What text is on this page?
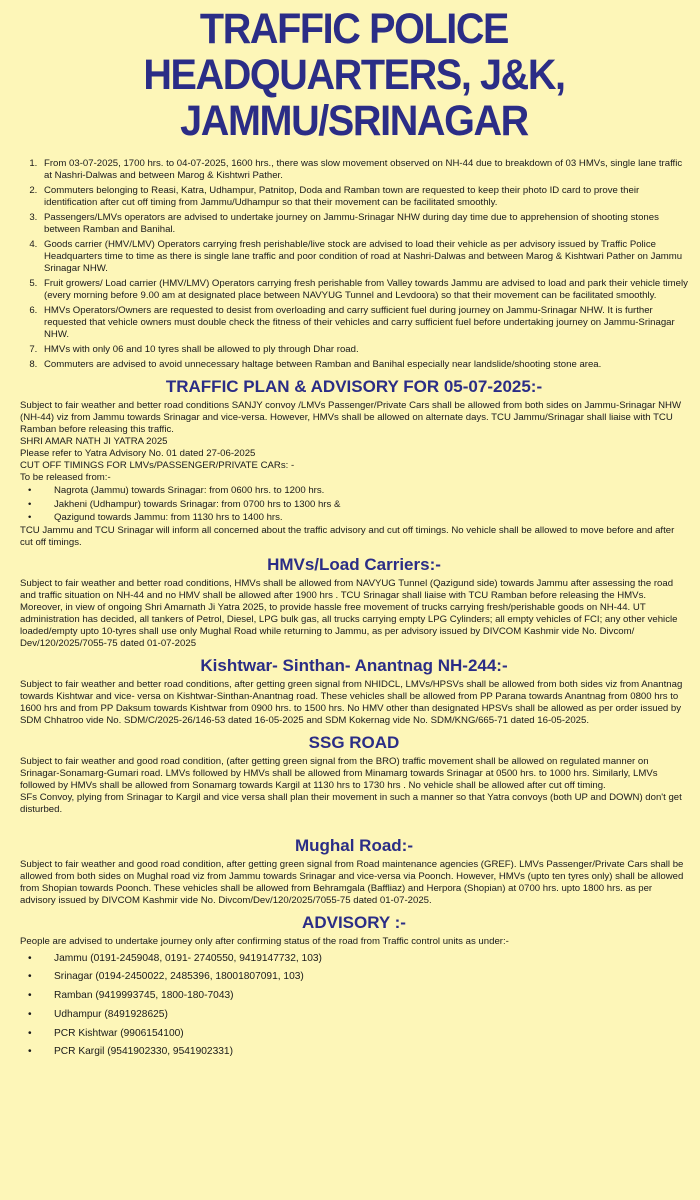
TRAFFIC POLICE HEADQUARTERS, J&K,
JAMMU/SRINAGAR
1. From 03-07-2025, 1700 hrs. to 04-07-2025, 1600 hrs., there was slow movement observed on NH-44 due to breakdown of 03 HMVs, single lane traffic at Nashri-Dalwas and between Marog & Kishtwri Pather.
2. Commuters belonging to Reasi, Katra, Udhampur, Patnitop, Doda and Ramban town are requested to keep their photo ID card to prove their identification after cut off timing from Jammu/Udhampur so that their movement can be facilitated smoothly.
3. Passengers/LMVs operators are advised to undertake journey on Jammu-Srinagar NHW during day time due to apprehension of shooting stones between Ramban and Banihal.
4. Goods carrier (HMV/LMV) Operators carrying fresh perishable/live stock are advised to load their vehicle as per advisory issued by Traffic Police Headquarters time to time as there is single lane traffic and poor condition of road at Nashri-Dalwas and between Marog & Kishtwari Pather on Jammu Srinagar NHW.
5. Fruit growers/ Load carrier (HMV/LMV) Operators carrying fresh perishable from Valley towards Jammu are advised to load and park their vehicle timely (every morning before 9.00 am at designated place between NAVYUG Tunnel and Levdoora) so that their movement can be facilitated smoothly.
6. HMVs Operators/Owners are requested to desist from overloading and carry sufficient fuel during journey on Jammu-Srinagar NHW. It is further requested that vehicle owners must double check the fitness of their vehicles and carry sufficient fuel before undertaking journey on Jammu-Srinagar NHW.
7. HMVs with only 06 and 10 tyres shall be allowed to ply through Dhar road.
8. Commuters are advised to avoid unnecessary haltage between Ramban and Banihal especially near landslide/shooting stone area.
TRAFFIC PLAN & ADVISORY FOR 05-07-2025:-

Subject to fair weather and better road conditions SANJY convoy /LMVs Passenger/Private Cars shall be allowed from both sides on Jammu-Srinagar NHW (NH-44) viz from Jammu towards Srinagar and vice-versa. However, HMVs shall be allowed on alternate days. TCU Jammu/Srinagar shall liaise with TCU Ramban before releasing this traffic.

SHRI AMAR NATH JI YATRA 2025

Please refer to Yatra Advisory No. 01 dated 27-06-2025

CUT OFF TIMINGS FOR LMVs/PASSENGER/PRIVATE CARs: -

To be released from:-

• Nagrota (Jammu) towards Srinagar: from 0600 hrs. to 1200 hrs.
• Jakheni (Udhampur) towards Srinagar: from 0700 hrs to 1300 hrs &
• Qazigund towards Jammu: from 1130 hrs to 1400 hrs.

TCU Jammu and TCU Srinagar will inform all concerned about the traffic advisory and cut off timings. No vehicle shall be allowed to move before and after cut off timings.

HMVs/Load Carriers:-

Subject to fair weather and better road conditions, HMVs shall be allowed from NAVYUG Tunnel (Qazigund side) towards Jammu after assessing the road and traffic situation on NH-44 and no HMV shall be allowed after 1900 hrs . TCU Srinagar shall liaise with TCU Ramban before releasing the HMVs.

Moreover, in view of ongoing Shri Amarnath Ji Yatra 2025, to provide hassle free movement of trucks carrying fresh/perishable goods on NH-44. UT administration has decided, all tankers of Petrol, Diesel, LPG bulk gas, all trucks carrying empty LPG Cylinders; all empty vehicles of FCI; any other vehicle loaded/empty upto 10-tyres shall use only Mughal Road while returning to Jammu, as per advisory issued by DIVCOM Kashmir vide No. Divcom/ Dev/120/2025/7055-75 dated 01-07-2025

Kishtwar- Sinthan- Anantnag NH-244:-

Subject to fair weather and better road conditions, after getting green signal from NHIDCL, LMVs/HPSVs shall be allowed from both sides viz from Anantnag towards Kishtwar and vice- versa on Kishtwar-Sinthan-Anantnag road. These vehicles shall be allowed from PP Parana towards Anantnag from 0800 hrs to 1600 hrs and from PP Daksum towards Kishtwar from 0900 hrs. to 1500 hrs. No HMV other than designated HPSVs shall be allowed as per order issued by SDM Chhatroo vide No. SDM/C/2025-26/146-53 dated 16-05-2025 and SDM Kokernag vide No. SDM/KNG/665-71 dated 16-05-2025.

SSG ROAD

Subject to fair weather and good road condition, (after getting green signal from the BRO) traffic movement shall be allowed on regulated manner on Srinagar-Sonamarg-Gumari road. LMVs followed by HMVs shall be allowed from Minamarg towards Srinagar at 0500 hrs. to 1000 hrs. Similarly, LMVs followed by HMVs shall be allowed from Sonamarg towards Kargil at 1130 hrs to 1730 hrs . No vehicle shall be allowed after cut off timing.

SFs Convoy, plying from Srinagar to Kargil and vice versa shall plan their movement in such a manner so that Yatra convoys (both UP and DOWN) don't get disturbed.

Mughal Road:-

Subject to fair weather and good road condition, after getting green signal from Road maintenance agencies (GREF). LMVs Passenger/Private Cars shall be allowed from both sides on Mughal road viz from Jammu towards Srinagar and vice-versa via Poonch. However, HMVs (upto ten tyres only) shall be allowed from Shopian towards Poonch. These vehicles shall be allowed from Behramgala (Baffliaz) and Herpora (Shopian) at 0700 hrs. upto 1800 hrs. as per advisory issued by DIVCOM Kashmir vide No. Divcom/Dev/120/2025/7055-75 dated 01-07-2025.

ADVISORY :-

People are advised to undertake journey only after confirming status of the road from Traffic control units as under:-

• Jammu (0191-2459048, 0191- 2740550, 9419147732, 103)
• Srinagar (0194-2450022, 2485396, 18001807091, 103)
• Ramban (9419993745, 1800-180-7043)
• Udhampur (8491928625)
• PCR Kishtwar (9906154100)
• PCR Kargil (9541902330, 9541902331)
